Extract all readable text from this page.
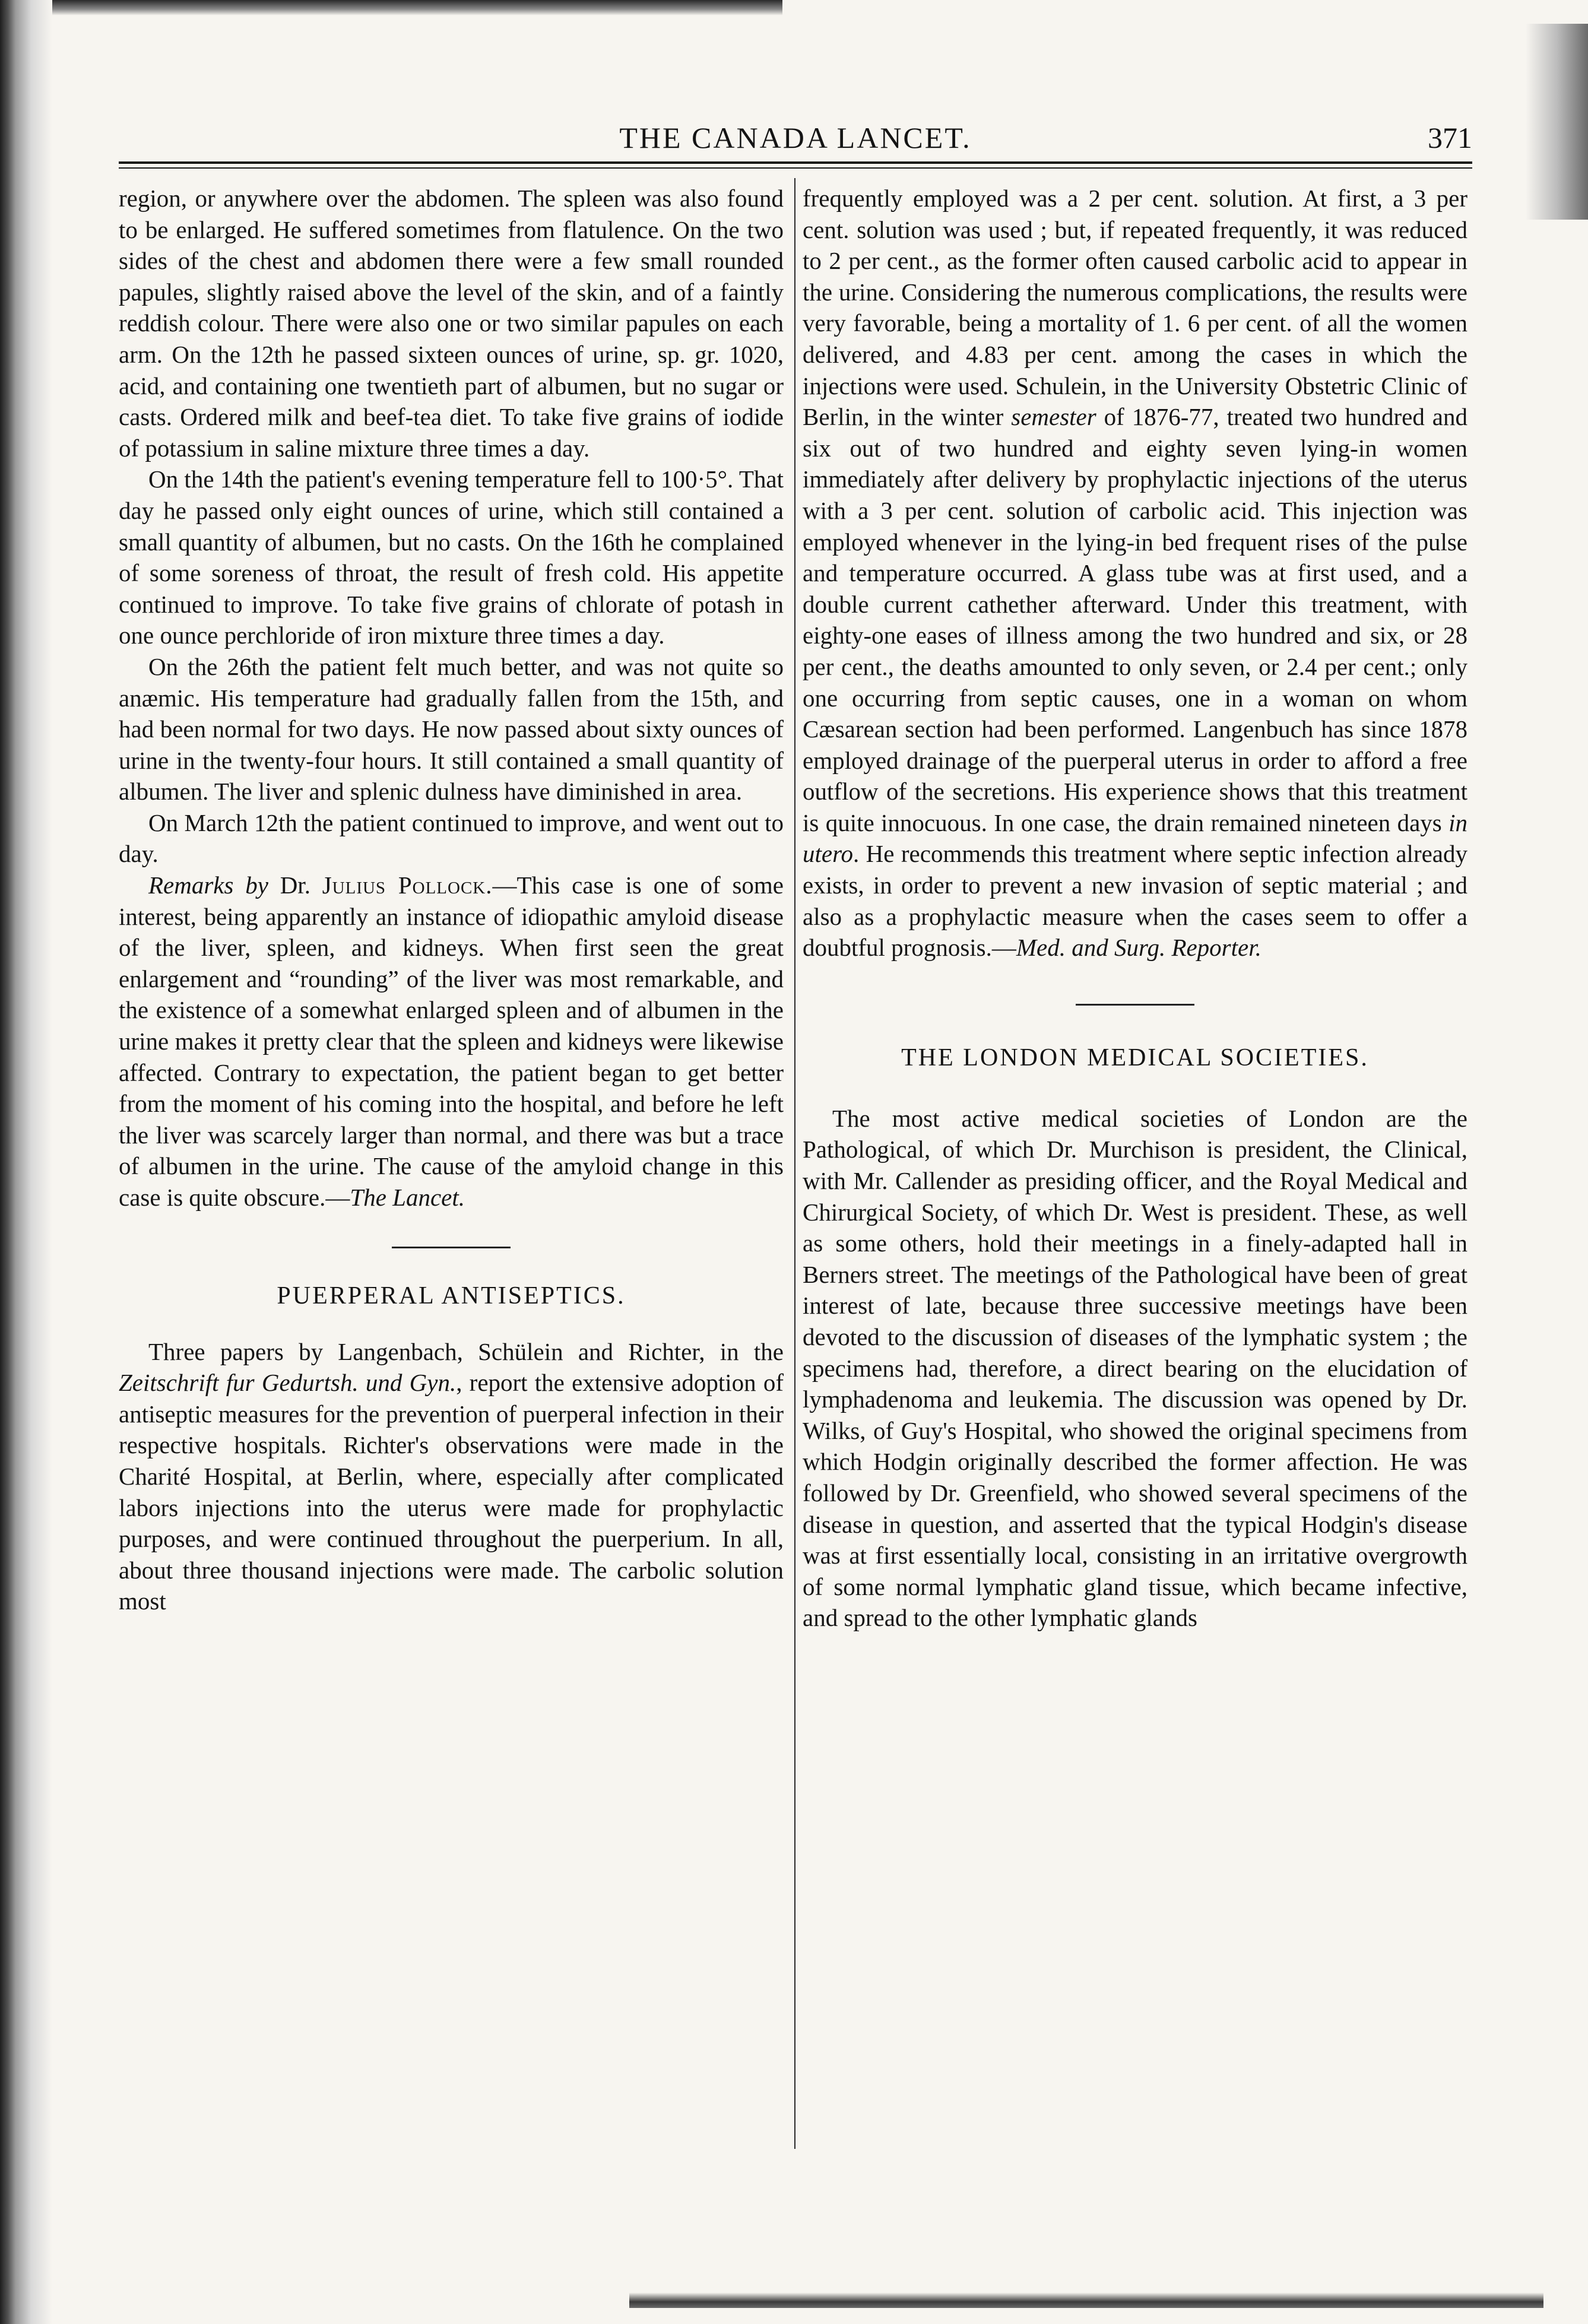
THE CANADA LANCET.	371

region, or anywhere over the abdomen. The spleen was also found to be enlarged. He suffered sometimes from flatulence. On the two sides of the chest and abdomen there were a few small rounded papules, slightly raised above the level of the skin, and of a faintly reddish colour. There were also one or two similar papules on each arm. On the 12th he passed sixteen ounces of urine, sp. gr. 1020, acid, and containing one twentieth part of albumen, but no sugar or casts. Ordered milk and beef-tea diet. To take five grains of iodide of potassium in saline mixture three times a day.

On the 14th the patient's evening temperature fell to 100·5°. That day he passed only eight ounces of urine, which still contained a small quantity of albumen, but no casts. On the 16th he complained of some soreness of throat, the result of fresh cold. His appetite continued to improve. To take five grains of chlorate of potash in one ounce perchloride of iron mixture three times a day.

On the 26th the patient felt much better, and was not quite so anæmic. His temperature had gradually fallen from the 15th, and had been normal for two days. He now passed about sixty ounces of urine in the twenty-four hours. It still contained a small quantity of albumen. The liver and splenic dulness have diminished in area.

On March 12th the patient continued to improve, and went out to day.

Remarks by Dr. Julius Pollock.—This case is one of some interest, being apparently an instance of idiopathic amyloid disease of the liver, spleen, and kidneys. When first seen the great enlargement and “rounding” of the liver was most remarkable, and the existence of a somewhat enlarged spleen and of albumen in the urine makes it pretty clear that the spleen and kidneys were likewise affected. Contrary to expectation, the patient began to get better from the moment of his coming into the hospital, and before he left the liver was scarcely larger than normal, and there was but a trace of albumen in the urine. The cause of the amyloid change in this case is quite obscure.—The Lancet.

PUERPERAL ANTISEPTICS.

Three papers by Langenbach, Schülein and Richter, in the Zeitschrift fur Gedurtsh. und Gyn., report the extensive adoption of antiseptic measures for the prevention of puerperal infection in their respective hospitals. Richter's observations were made in the Charité Hospital, at Berlin, where, especially after complicated labors injections into the uterus were made for prophylactic purposes, and were continued throughout the puerperium. In all, about three thousand injections were made. The carbolic solution most

frequently employed was a 2 per cent. solution. At first, a 3 per cent. solution was used ; but, if repeated frequently, it was reduced to 2 per cent., as the former often caused carbolic acid to appear in the urine. Considering the numerous complications, the results were very favorable, being a mortality of 1. 6 per cent. of all the women delivered, and 4.83 per cent. among the cases in which the injections were used. Schulein, in the University Obstetric Clinic of Berlin, in the winter semester of 1876-77, treated two hundred and six out of two hundred and eighty seven lying-in women immediately after delivery by prophylactic injections of the uterus with a 3 per cent. solution of carbolic acid. This injection was employed whenever in the lying-in bed frequent rises of the pulse and temperature occurred. A glass tube was at first used, and a double current cathether afterward. Under this treatment, with eighty-one eases of illness among the two hundred and six, or 28 per cent., the deaths amounted to only seven, or 2.4 per cent.; only one occurring from septic causes, one in a woman on whom Cæsarean section had been performed. Langenbuch has since 1878 employed drainage of the puerperal uterus in order to afford a free outflow of the secretions. His experience shows that this treatment is quite innocuous. In one case, the drain remained nineteen days in utero. He recommends this treatment where septic infection already exists, in order to prevent a new invasion of septic material ; and also as a prophylactic measure when the cases seem to offer a doubtful prognosis.—Med. and Surg. Reporter.

THE LONDON MEDICAL SOCIETIES.

The most active medical societies of London are the Pathological, of which Dr. Murchison is president, the Clinical, with Mr. Callender as presiding officer, and the Royal Medical and Chirurgical Society, of which Dr. West is president. These, as well as some others, hold their meetings in a finely-adapted hall in Berners street. The meetings of the Pathological have been of great interest of late, because three successive meetings have been devoted to the discussion of diseases of the lymphatic system ; the specimens had, therefore, a direct bearing on the elucidation of lymphadenoma and leukemia. The discussion was opened by Dr. Wilks, of Guy's Hospital, who showed the original specimens from which Hodgin originally described the former affection. He was followed by Dr. Greenfield, who showed several specimens of the disease in question, and asserted that the typical Hodgin's disease was at first essentially local, consisting in an irritative overgrowth of some normal lymphatic gland tissue, which became infective, and spread to the other lymphatic glands
